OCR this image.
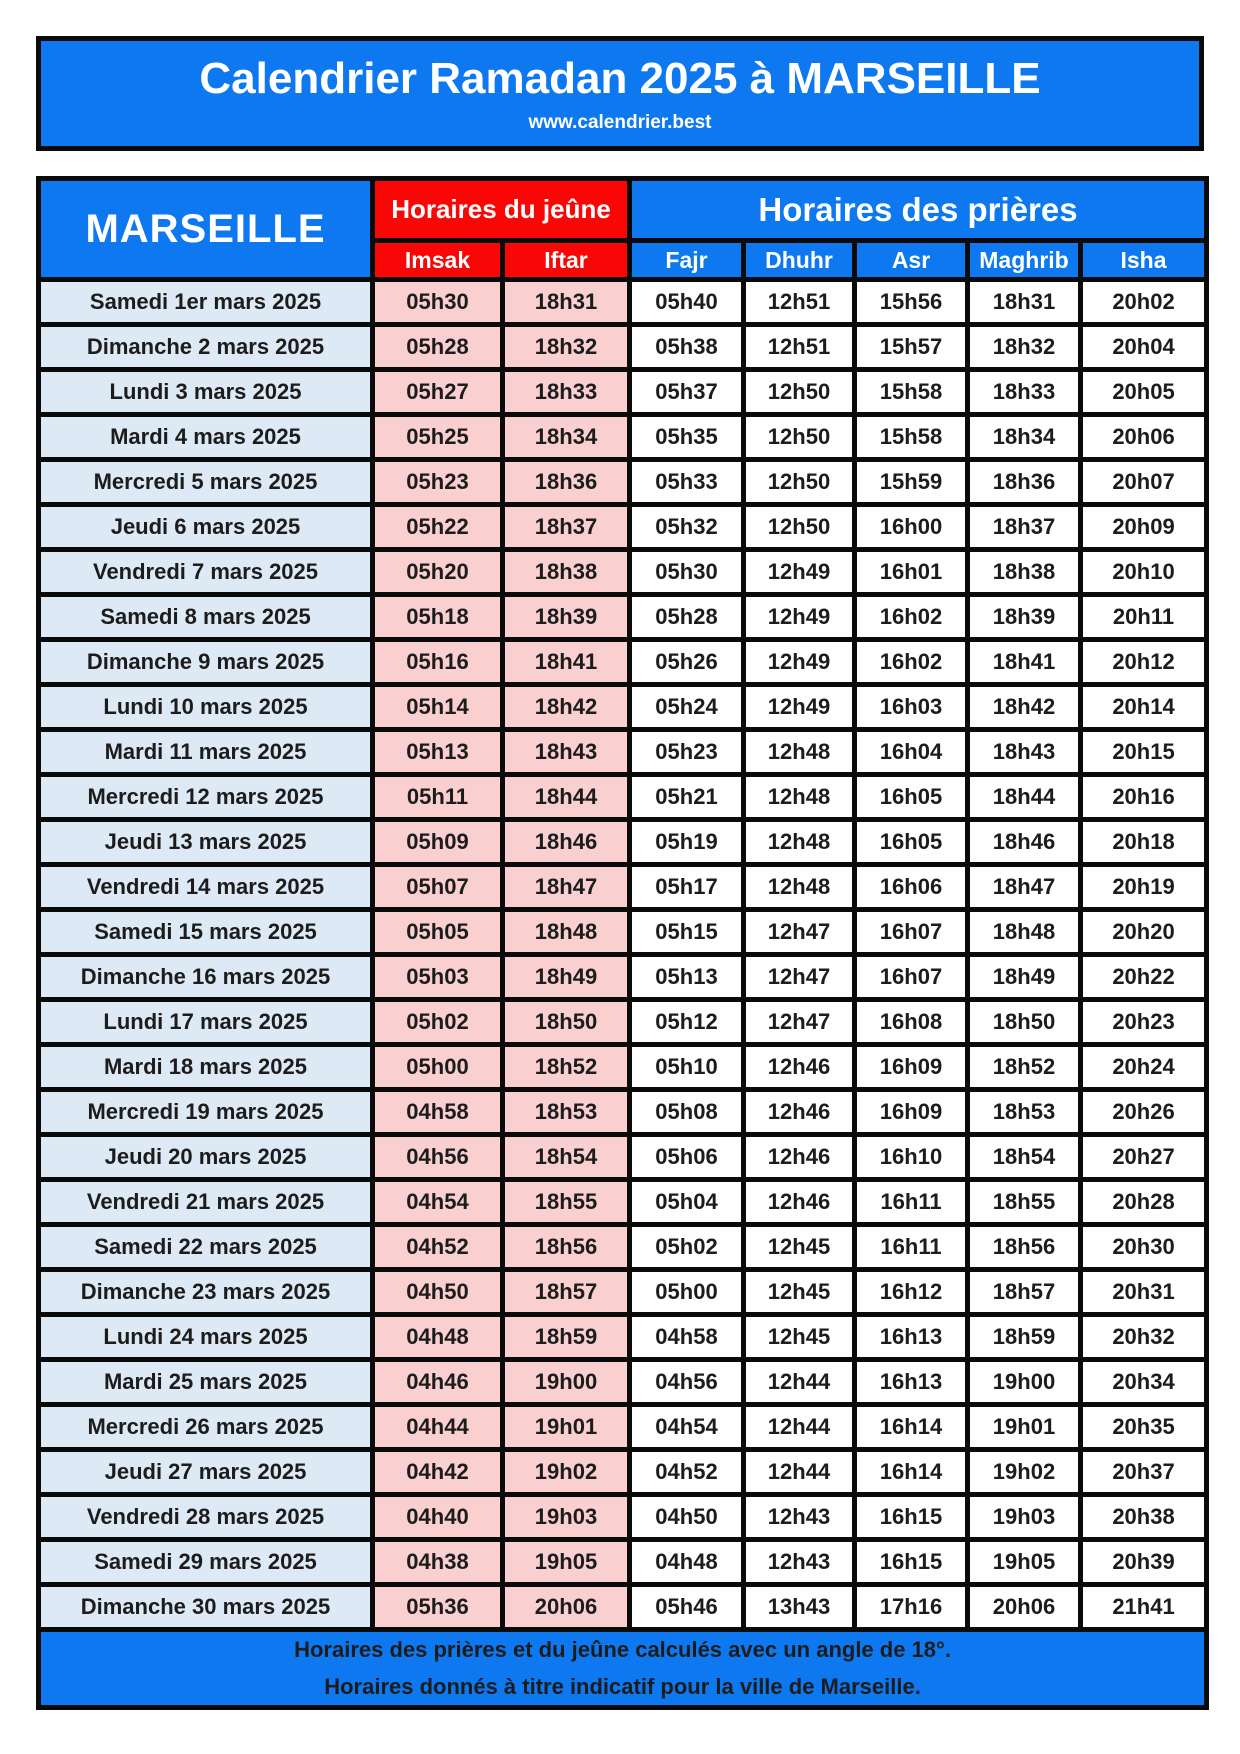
Calendrier Ramadan 2025 à MARSEILLE
www.calendrier.best
MARSEILLE	Horaires du jeûne		Horaires des prières				
	Imsak	Iftar	Fajr	Dhuhr	Asr	Maghrib	Isha
Samedi 1er mars 2025	05h30	18h31	05h40	12h51	15h56	18h31	20h02
Dimanche 2 mars 2025	05h28	18h32	05h38	12h51	15h57	18h32	20h04
Lundi 3 mars 2025	05h27	18h33	05h37	12h50	15h58	18h33	20h05
Mardi 4 mars 2025	05h25	18h34	05h35	12h50	15h58	18h34	20h06
Mercredi 5 mars 2025	05h23	18h36	05h33	12h50	15h59	18h36	20h07
Jeudi 6 mars 2025	05h22	18h37	05h32	12h50	16h00	18h37	20h09
Vendredi 7 mars 2025	05h20	18h38	05h30	12h49	16h01	18h38	20h10
Samedi 8 mars 2025	05h18	18h39	05h28	12h49	16h02	18h39	20h11
Dimanche 9 mars 2025	05h16	18h41	05h26	12h49	16h02	18h41	20h12
Lundi 10 mars 2025	05h14	18h42	05h24	12h49	16h03	18h42	20h14
Mardi 11 mars 2025	05h13	18h43	05h23	12h48	16h04	18h43	20h15
Mercredi 12 mars 2025	05h11	18h44	05h21	12h48	16h05	18h44	20h16
Jeudi 13 mars 2025	05h09	18h46	05h19	12h48	16h05	18h46	20h18
Vendredi 14 mars 2025	05h07	18h47	05h17	12h48	16h06	18h47	20h19
Samedi 15 mars 2025	05h05	18h48	05h15	12h47	16h07	18h48	20h20
Dimanche 16 mars 2025	05h03	18h49	05h13	12h47	16h07	18h49	20h22
Lundi 17 mars 2025	05h02	18h50	05h12	12h47	16h08	18h50	20h23
Mardi 18 mars 2025	05h00	18h52	05h10	12h46	16h09	18h52	20h24
Mercredi 19 mars 2025	04h58	18h53	05h08	12h46	16h09	18h53	20h26
Jeudi 20 mars 2025	04h56	18h54	05h06	12h46	16h10	18h54	20h27
Vendredi 21 mars 2025	04h54	18h55	05h04	12h46	16h11	18h55	20h28
Samedi 22 mars 2025	04h52	18h56	05h02	12h45	16h11	18h56	20h30
Dimanche 23 mars 2025	04h50	18h57	05h00	12h45	16h12	18h57	20h31
Lundi 24 mars 2025	04h48	18h59	04h58	12h45	16h13	18h59	20h32
Mardi 25 mars 2025	04h46	19h00	04h56	12h44	16h13	19h00	20h34
Mercredi 26 mars 2025	04h44	19h01	04h54	12h44	16h14	19h01	20h35
Jeudi 27 mars 2025	04h42	19h02	04h52	12h44	16h14	19h02	20h37
Vendredi 28 mars 2025	04h40	19h03	04h50	12h43	16h15	19h03	20h38
Samedi 29 mars 2025	04h38	19h05	04h48	12h43	16h15	19h05	20h39
Dimanche 30 mars 2025	05h36	20h06	05h46	13h43	17h16	20h06	21h41

Horaires des prières et du jeûne calculés avec un angle de 18°.
Horaires donnés à titre indicatif pour la ville de Marseille.							
